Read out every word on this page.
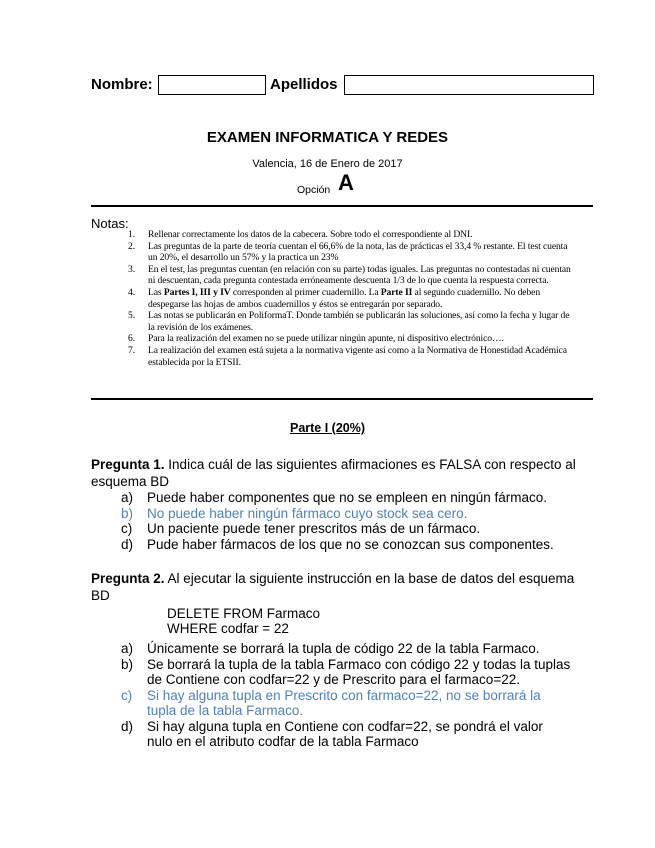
Nombre:	Apellidos
EXAMEN INFORMATICA Y REDES
Valencia, 16 de Enero de 2017
Opción A
Notas:
1. Rellenar correctamente los datos de la cabecera. Sobre todo el correspondiente al DNI.
2. Las preguntas de la parte de teoría cuentan el 66,6% de la nota, las de prácticas el 33,4 % restante. El test cuenta un 20%, el desarrollo un 57% y la practica un 23%
3. En el test, las preguntas cuentan (en relación con su parte) todas iguales. Las preguntas no contestadas ni cuentan ni descuentan, cada pregunta contestada erróneamente descuenta 1/3 de lo que cuenta la respuesta correcta.
4. Las Partes I, III y IV corresponden al primer cuadernillo. La Parte II al segundo cuadernillo. No deben despegarse las hojas de ambos cuadernillos y éstos se entregarán por separado.
5. Las notas se publicarán en PoliformaT. Donde también se publicarán las soluciones, así como la fecha y lugar de la revisión de los exámenes.
6. Para la realización del examen no se puede utilizar ningún apunte, ni dispositivo electrónico….
7. La realización del examen está sujeta a la normativa vigente así como a la Normativa de Honestidad Académica establecida por la ETSII.
Parte I (20%)
Pregunta 1. Indica cuál de las siguientes afirmaciones es FALSA con respecto al esquema BD
a) Puede haber componentes que no se empleen en ningún fármaco.
b) No puede haber ningún fármaco cuyo stock sea cero.
c) Un paciente puede tener prescritos más de un fármaco.
d) Pude haber fármacos de los que no se conozcan sus componentes.
Pregunta 2. Al ejecutar la siguiente instrucción en la base de datos del esquema BD
DELETE FROM Farmaco
WHERE codfar = 22
a) Únicamente se borrará la tupla de código 22 de la tabla Farmaco.
b) Se borrará la tupla de la tabla Farmaco con código 22 y todas la tuplas de Contiene con codfar=22 y de Prescrito para el farmaco=22.
c) Si hay alguna tupla en Prescrito con farmaco=22, no se borrará la tupla de la tabla Farmaco.
d) Si hay alguna tupla en Contiene con codfar=22, se pondrá el valor nulo en el atributo codfar de la tabla Farmaco
